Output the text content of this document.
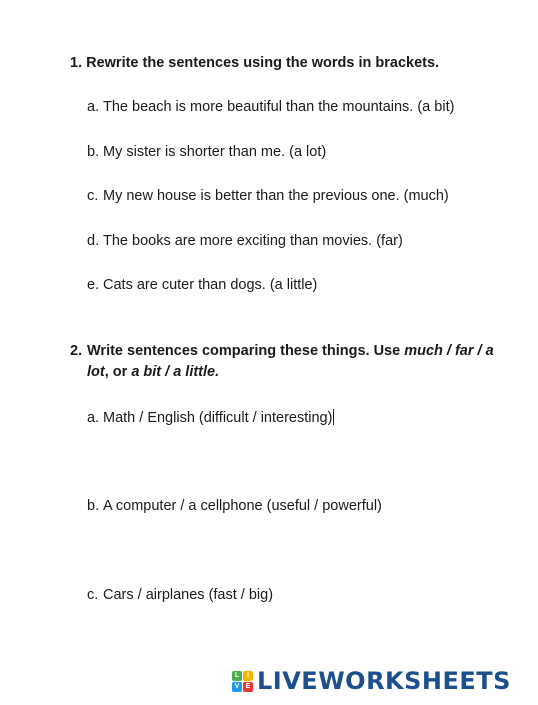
1. Rewrite the sentences using the words in brackets.
a. The beach is more beautiful than the mountains. (a bit)
b. My sister is shorter than me. (a lot)
c. My new house is better than the previous one. (much)
d. The books are more exciting than movies. (far)
e. Cats are cuter than dogs. (a little)
2. Write sentences comparing these things. Use much / far / a lot, or a bit / a little.
a. Math / English (difficult / interesting)
b. A computer / a cellphone (useful / powerful)
c. Cars / airplanes (fast / big)
L	I
V E LIVEWORKSHEETS
